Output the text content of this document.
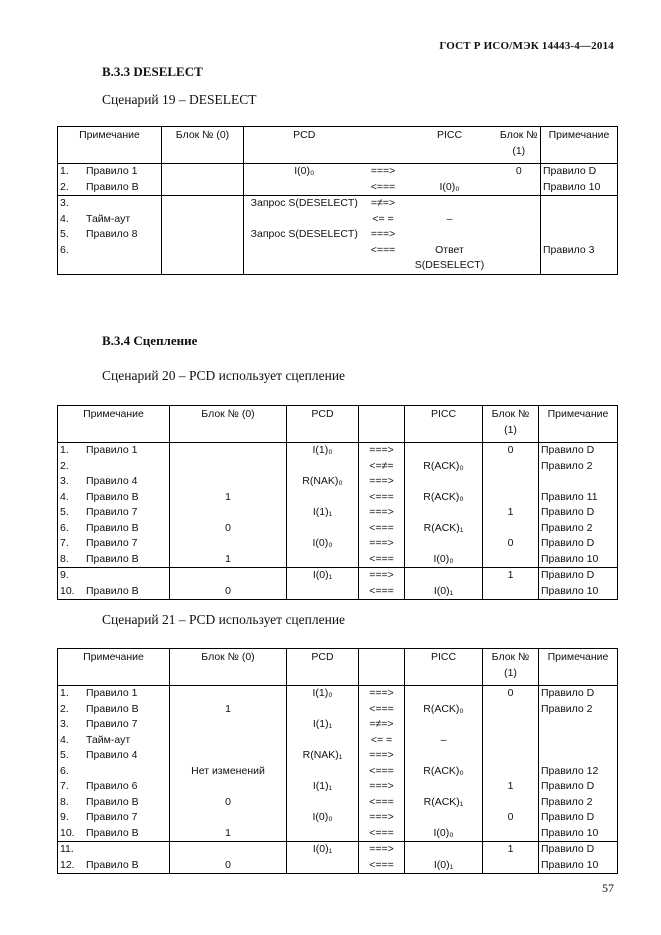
ГОСТ Р ИСО/МЭК 14443-4—2014
B.3.3 DESELECT
Сценарий 19 – DESELECT
Примечание	Блок № (0)	PCD		PICC	Блок № (1)	Примечание
1. Правило 1		I(0)₀	===>		0	Правило D
2. Правило B			<===	I(0)₀		Правило 10
3.		Запрос S(DESELECT)	=≠=>			
4. Тайм-аут			<= =	–		
5. Правило 8		Запрос S(DESELECT)	===>			
6.			<===	Ответ S(DESELECT)		Правило 3
B.3.4 Сцепление
Сценарий 20 – PCD использует сцепление
Примечание	Блок № (0)	PCD		PICC	Блок № (1)	Примечание
1. Правило 1		I(1)₀	===>		0	Правило D
2.			<=≠=	R(ACK)₀		Правило 2
3. Правило 4		R(NAK)₀	===>			
4. Правило B	1		<===	R(ACK)₀		Правило 11
5. Правило 7		I(1)₁	===>		1	Правило D
6. Правило B	0		<===	R(ACK)₁		Правило 2
7. Правило 7		I(0)₀	===>		0	Правило D
8. Правило B	1		<===	I(0)₀		Правило 10
9.		I(0)₁	===>		1	Правило D
10. Правило B	0		<===	I(0)₁		Правило 10
Сценарий 21 – PCD использует сцепление
Примечание	Блок № (0)	PCD		PICC	Блок № (1)	Примечание
1. Правило 1		I(1)₀	===>		0	Правило D
2. Правило B	1		<===	R(ACK)₀		Правило 2
3. Правило 7		I(1)₁	=≠=>			
4. Тайм-аут			<= =	–		
5. Правило 4		R(NAK)₁	===>			
6.	Нет изменений		<===	R(ACK)₀		Правило 12
7. Правило 6		I(1)₁	===>		1	Правило D
8. Правило B	0		<===	R(ACK)₁		Правило 2
9. Правило 7		I(0)₀	===>		0	Правило D
10. Правило B	1		<===	I(0)₀		Правило 10
11.		I(0)₁	===>		1	Правило D
12. Правило B	0		<===	I(0)₁		Правило 10
57
